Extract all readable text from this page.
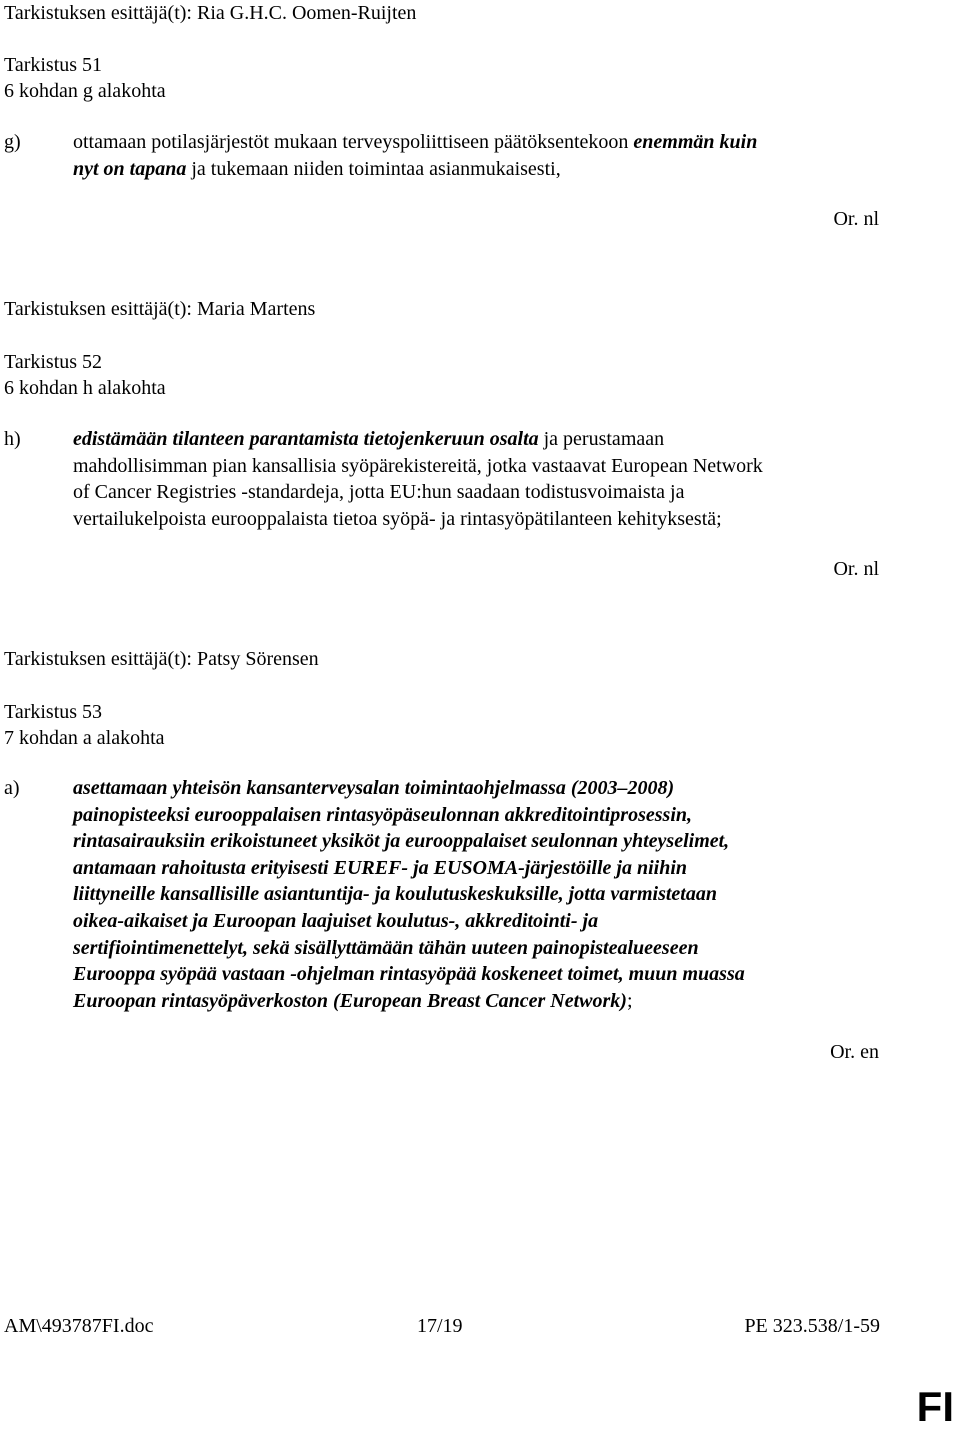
Tarkistuksen esittäjä(t): Ria G.H.C. Oomen-Ruijten
Tarkistus 51
6 kohdan g alakohta
g)	ottamaan potilasjärjestöt mukaan terveyspoliittiseen päätöksentekoon enemmän kuin
nyt on tapana ja tukemaan niiden toimintaa asianmukaisesti,
Or. nl
Tarkistuksen esittäjä(t): Maria Martens
Tarkistus 52
6 kohdan h alakohta
h)	edistämään tilanteen parantamista tietojenkeruun osalta ja perustamaan
mahdollisimman pian kansallisia syöpärekistereitä, jotka vastaavat European Network
of Cancer Registries -standardeja, jotta EU:hun saadaan todistusvoimaista ja
vertailukelpoista eurooppalaista tietoa syöpä- ja rintasyöpätilanteen kehityksestä;
Or. nl
Tarkistuksen esittäjä(t): Patsy Sörensen
Tarkistus 53
7 kohdan a alakohta
a)	asettamaan yhteisön kansanterveysalan toimintaohjelmassa (2003–2008)
painopisteeksi eurooppalaisen rintasyöpäseulonnan akkreditointiprosessin,
rintasairauksiin erikoistuneet yksiköt ja eurooppalaiset seulonnan yhteyselimet,
antamaan rahoitusta erityisesti EUREF- ja EUSOMA-järjestöille ja niihin
liittyneille kansallisille asiantuntija- ja koulutuskeskuksille, jotta varmistetaan
oikea-aikaiset ja Euroopan laajuiset koulutus-, akkreditointi- ja
sertifiointimenettelyt, sekä sisällyttämään tähän uuteen painopistealueeseen
Eurooppa syöpää vastaan -ohjelman rintasyöpää koskeneet toimet, muun muassa
Euroopan rintasyöpäverkoston (European Breast Cancer Network);
Or. en
AM\493787FI.doc	17/19	PE 323.538/1-59
FI
